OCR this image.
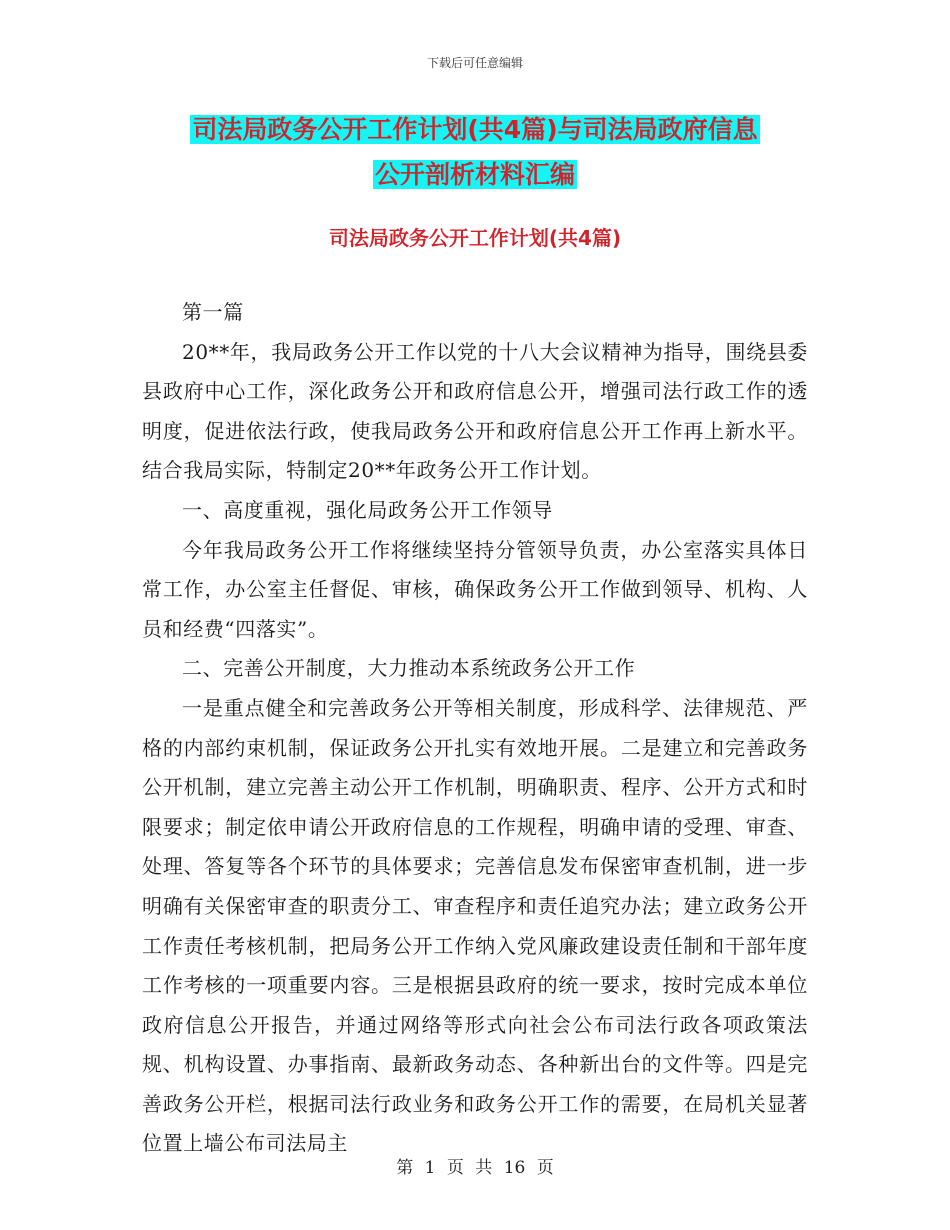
下载后可任意编辑
司法局政务公开工作计划(共4篇)与司法局政府信息
公开剖析材料汇编
司法局政务公开工作计划(共4篇)

第一篇

20**年，我局政务公开工作以党的十八大会议精神为指导，围绕县委县政府中心工作，深化政务公开和政府信息公开，增强司法行政工作的透明度，促进依法行政，使我局政务公开和政府信息公开工作再上新水平。结合我局实际，特制定20**年政务公开工作计划。

一、高度重视，强化局政务公开工作领导

今年我局政务公开工作将继续坚持分管领导负责，办公室落实具体日常工作，办公室主任督促、审核，确保政务公开工作做到领导、机构、人员和经费“四落实”。

二、完善公开制度，大力推动本系统政务公开工作

一是重点健全和完善政务公开等相关制度，形成科学、法律规范、严格的内部约束机制，保证政务公开扎实有效地开展。二是建立和完善政务公开机制，建立完善主动公开工作机制，明确职责、程序、公开方式和时限要求；制定依申请公开政府信息的工作规程，明确申请的受理、审查、处理、答复等各个环节的具体要求；完善信息发布保密审查机制，进一步明确有关保密审查的职责分工、审查程序和责任追究办法；建立政务公开工作责任考核机制，把局务公开工作纳入党风廉政建设责任制和干部年度工作考核的一项重要内容。三是根据县政府的统一要求，按时完成本单位政府信息公开报告，并通过网络等形式向社会公布司法行政各项政策法规、机构设置、办事指南、最新政务动态、各种新出台的文件等。四是完善政务公开栏，根据司法行政业务和政务公开工作的需要，在局机关显著位置上墙公布司法局主

第 1 页 共 16 页
